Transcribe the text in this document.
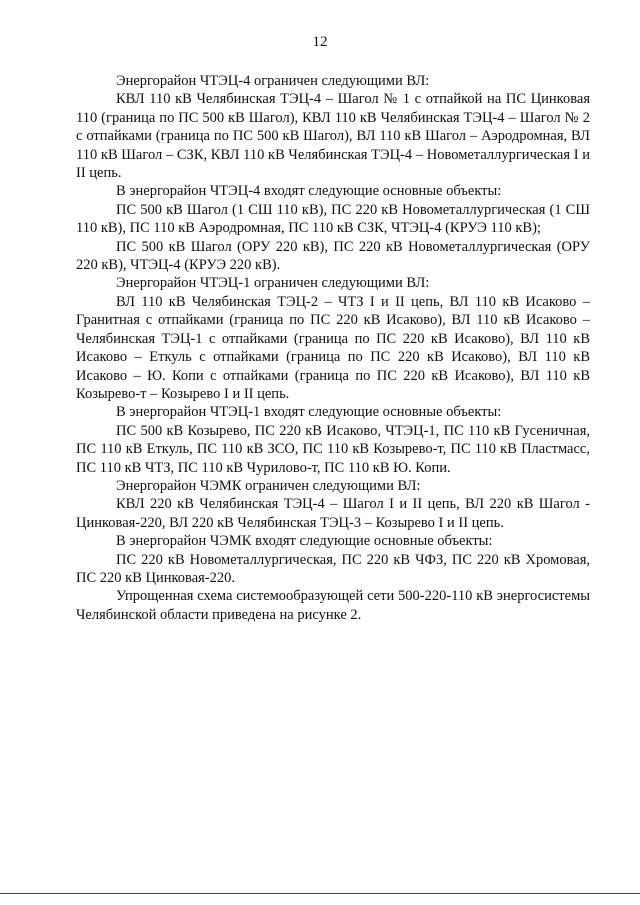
12

Энергорайон ЧТЭЦ-4 ограничен следующими ВЛ:

КВЛ 110 кВ Челябинская ТЭЦ-4 – Шагол № 1 с отпайкой на ПС Цинковая 110 (граница по ПС 500 кВ Шагол), КВЛ 110 кВ Челябинская ТЭЦ-4 – Шагол № 2 с отпайками (граница по ПС 500 кВ Шагол), ВЛ 110 кВ Шагол – Аэродромная, ВЛ 110 кВ Шагол – СЗК, КВЛ 110 кВ Челябинская ТЭЦ-4 – Новометаллургическая I и II цепь.

В энергорайон ЧТЭЦ-4 входят следующие основные объекты:

ПС 500 кВ Шагол (1 СШ 110 кВ), ПС 220 кВ Новометаллургическая (1 СШ 110 кВ), ПС 110 кВ Аэродромная, ПС 110 кВ СЗК, ЧТЭЦ-4 (КРУЭ 110 кВ);

ПС 500 кВ Шагол (ОРУ 220 кВ), ПС 220 кВ Новометаллургическая (ОРУ 220 кВ), ЧТЭЦ-4 (КРУЭ 220 кВ).

Энергорайон ЧТЭЦ-1 ограничен следующими ВЛ:

ВЛ 110 кВ Челябинская ТЭЦ-2 – ЧТЗ I и II цепь, ВЛ 110 кВ Исаково – Гранитная с отпайками (граница по ПС 220 кВ Исаково), ВЛ 110 кВ Исаково – Челябинская ТЭЦ-1 с отпайками (граница по ПС 220 кВ Исаково), ВЛ 110 кВ Исаково – Еткуль с отпайками (граница по ПС 220 кВ Исаково), ВЛ 110 кВ Исаково – Ю. Копи с отпайками (граница по ПС 220 кВ Исаково), ВЛ 110 кВ Козырево-т – Козырево I и II цепь.

В энергорайон ЧТЭЦ-1 входят следующие основные объекты:

ПС 500 кВ Козырево, ПС 220 кВ Исаково, ЧТЭЦ-1, ПС 110 кВ Гусеничная, ПС 110 кВ Еткуль, ПС 110 кВ ЗСО, ПС 110 кВ Козырево-т, ПС 110 кВ Пластмасс, ПС 110 кВ ЧТЗ, ПС 110 кВ Чурилово-т, ПС 110 кВ Ю. Копи.

Энергорайон ЧЭМК ограничен следующими ВЛ:

КВЛ 220 кВ Челябинская ТЭЦ-4 – Шагол I и II цепь, ВЛ 220 кВ Шагол - Цинковая-220, ВЛ 220 кВ Челябинская ТЭЦ-3 – Козырево I и II цепь.

В энергорайон ЧЭМК входят следующие основные объекты:

ПС 220 кВ Новометаллургическая, ПС 220 кВ ЧФЗ, ПС 220 кВ Хромовая, ПС 220 кВ Цинковая-220.

Упрощенная схема системообразующей сети 500-220-110 кВ энергосистемы Челябинской области приведена на рисунке 2.
